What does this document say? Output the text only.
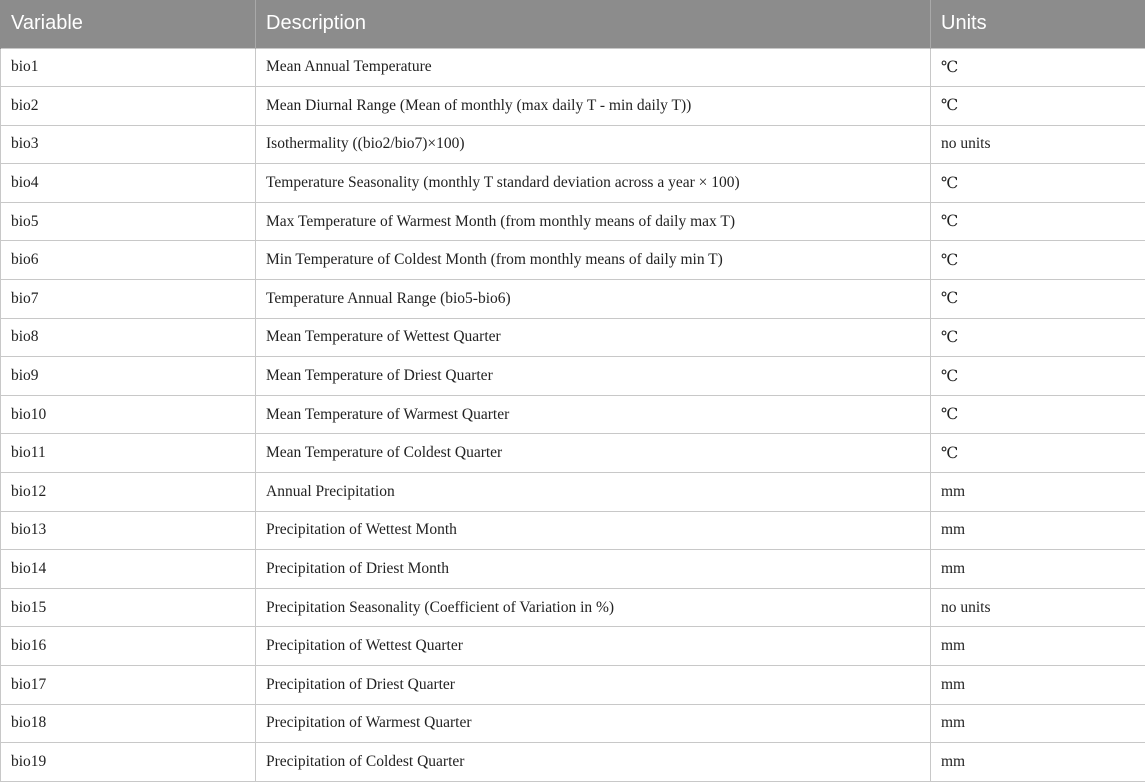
Variable	Description	Units
bio1	Mean Annual Temperature	℃
bio2	Mean Diurnal Range (Mean of monthly (max daily T - min daily T))	℃
bio3	Isothermality ((bio2/bio7)×100)	no units
bio4	Temperature Seasonality (monthly T standard deviation across a year × 100)	℃
bio5	Max Temperature of Warmest Month (from monthly means of daily max T)	℃
bio6	Min Temperature of Coldest Month (from monthly means of daily min T)	℃
bio7	Temperature Annual Range (bio5-bio6)	℃
bio8	Mean Temperature of Wettest Quarter	℃
bio9	Mean Temperature of Driest Quarter	℃
bio10	Mean Temperature of Warmest Quarter	℃
bio11	Mean Temperature of Coldest Quarter	℃
bio12	Annual Precipitation	mm
bio13	Precipitation of Wettest Month	mm
bio14	Precipitation of Driest Month	mm
bio15	Precipitation Seasonality (Coefficient of Variation in %)	no units
bio16	Precipitation of Wettest Quarter	mm
bio17	Precipitation of Driest Quarter	mm
bio18	Precipitation of Warmest Quarter	mm
bio19	Precipitation of Coldest Quarter	mm
